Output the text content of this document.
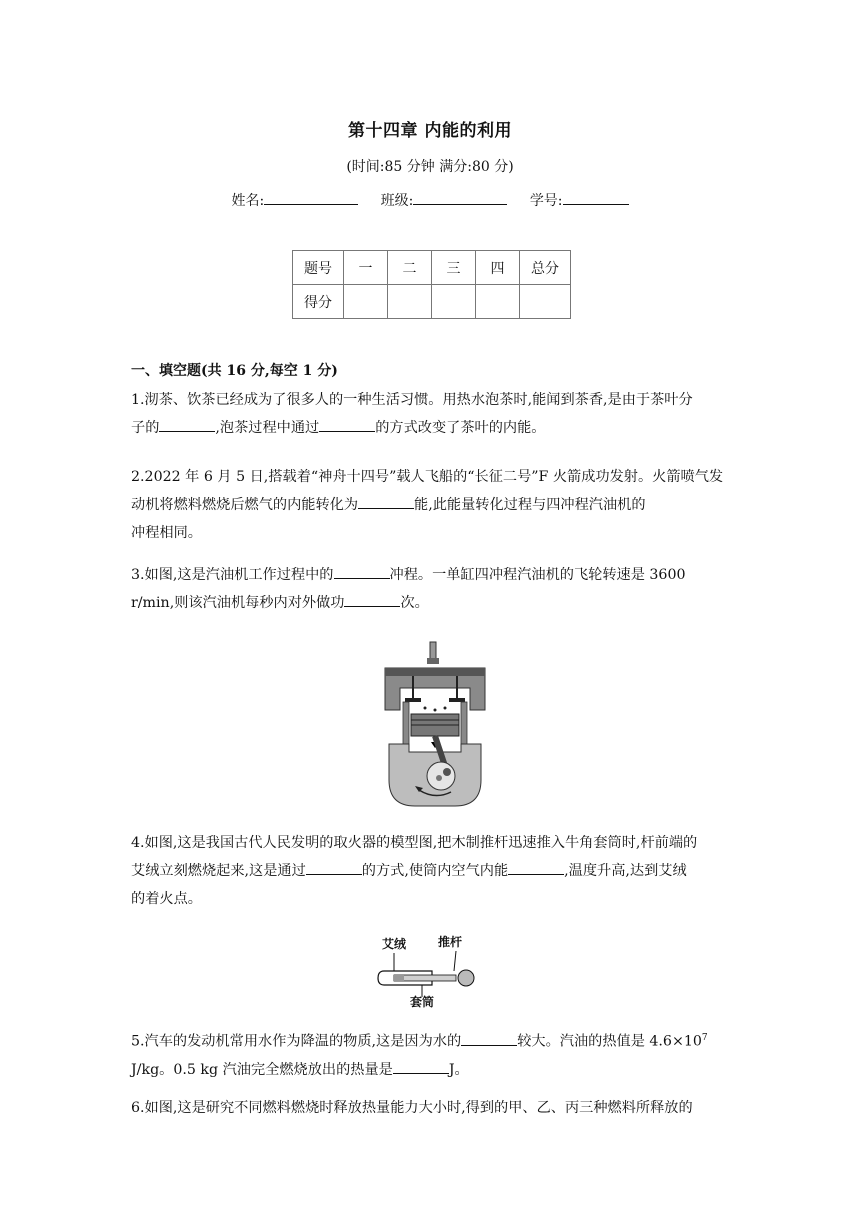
第十四章 内能的利用
(时间:85 分钟 满分:80 分)
姓名:	班级:	学号:
题号	一	二	三	四	总分
得分					
一、填空题(共 16 分,每空 1 分)
1.沏茶、饮茶已经成为了很多人的一种生活习惯。用热水泡茶时,能闻到茶香,是由于茶叶分
子的	,泡茶过程中通过	的方式改变了茶叶的内能。
2.2022 年 6 月 5 日,搭载着“神舟十四号”载人飞船的“长征二号”F 火箭成功发射。火箭喷气发
动机将燃料燃烧后燃气的内能转化为	能,此能量转化过程与四冲程汽油机的
冲程相同。
3.如图,这是汽油机工作过程中的	冲程。一单缸四冲程汽油机的飞轮转速是 3600
r/min,则该汽油机每秒内对外做功	次。
4.如图,这是我国古代人民发明的取火器的模型图,把木制推杆迅速推入牛角套筒时,杆前端的
艾绒立刻燃烧起来,这是通过	的方式,使筒内空气内能	,温度升高,达到艾绒
的着火点。
艾绒	推杆
套筒
5.汽车的发动机常用水作为降温的物质,这是因为水的	较大。汽油的热值是 $4.6\times 10^7$
J/kg。0.5 kg 汽油完全燃烧放出的热量是	J。
6.如图,这是研究不同燃料燃烧时释放热量能力大小时,得到的甲、乙、丙三种燃料所释放的
